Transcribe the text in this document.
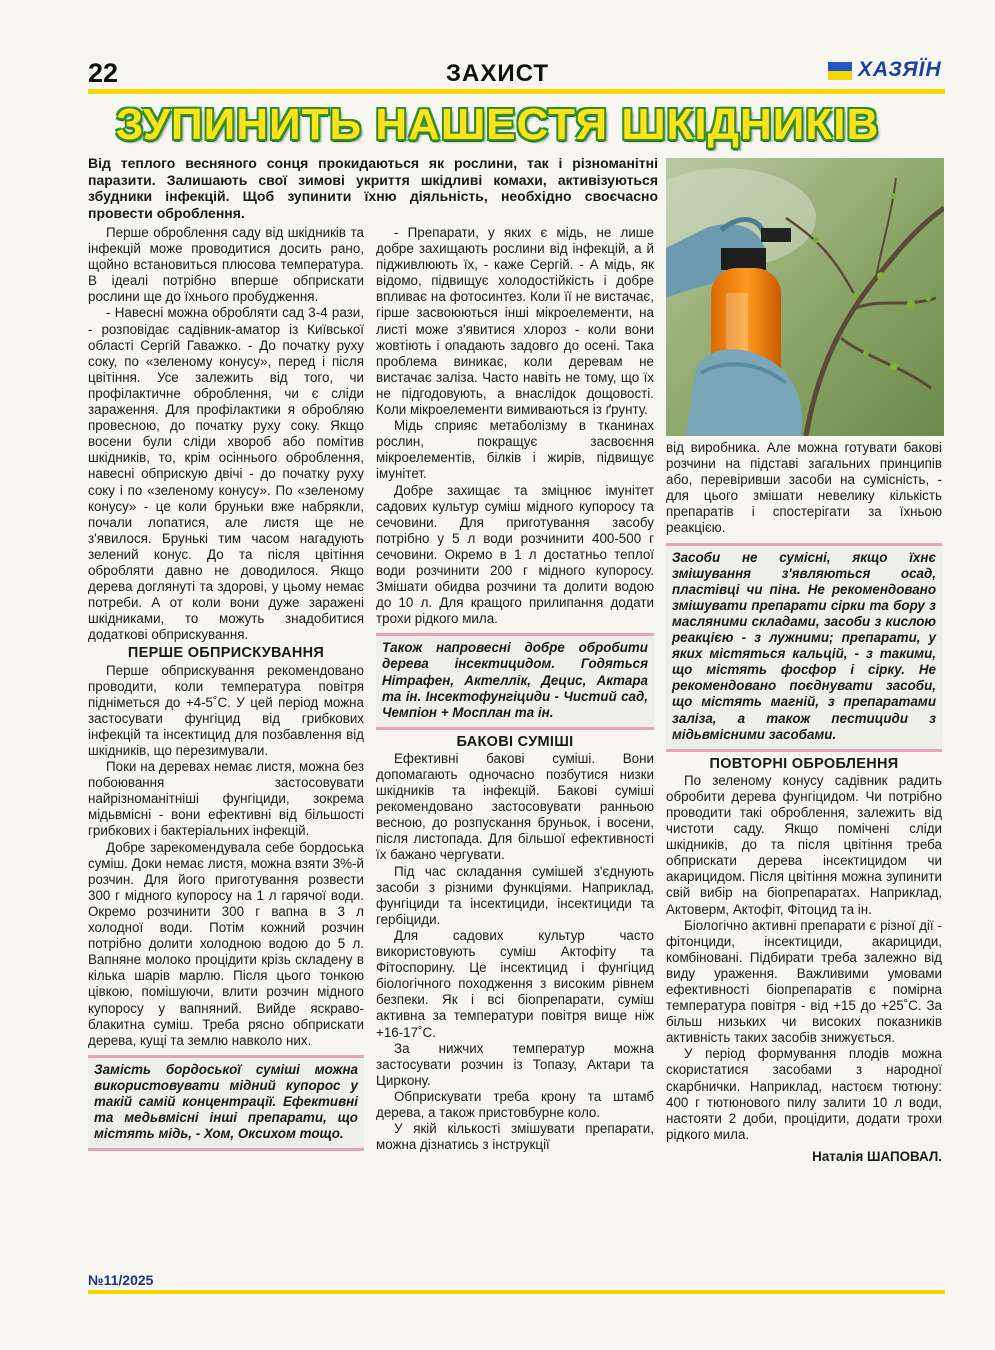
22	ЗАХИСТ	ХАЗЯЇН
ЗУПИНИТЬ НАШЕСТЯ ШКІДНИКІВ
Від теплого весняного сонця прокидаються як рослини, так і різноманітні паразити. Залишають свої зимові укриття шкідливі комахи, активізуються збудники інфекцій. Щоб зупинити їхню діяльність, необхідно своєчасно провести оброблення.

Перше оброблення саду від шкідників та інфекцій може проводитися досить рано, щойно встановиться плюсова температура. В ідеалі потрібно вперше обприскати рослини ще до їхнього пробудження.

- Навесні можна обробляти сад 3-4 рази, - розповідає садівник-аматор із Київської області Сергій Гаважко. - До початку руху соку, по «зеленому конусу», перед і після цвітіння. Усе залежить від того, чи профілактичне оброблення, чи є сліди зараження. Для профілактики я обробляю провесною, до початку руху соку. Якщо восени були сліди хвороб або помітив шкідників, то, крім осіннього оброблення, навесні обприскую двічі - до початку руху соку і по «зеленому конусу». По «зеленому конусу» - це коли бруньки вже набрякли, почали лопатися, але листя ще не з'явилося. Брунькі тим часом нагадують зелений конус. До та після цвітіння обробляти давно не доводилося. Якщо дерева доглянуті та здорові, у цьому немає потреби. А от коли вони дуже заражені шкідниками, то можуть знадобитися додаткові обприскування.

ПЕРШЕ ОБПРИСКУВАННЯ

Перше обприскування рекомендовано проводити, коли температура повітря підніметься до +4-5˚С. У цей період можна застосувати фунгіцид від грибкових інфекцій та інсектицид для позбавлення від шкідників, що перезимували.

Поки на деревах немає листя, можна без побоювання застосовувати найрізноманітніші фунгіциди, зокрема мідьвмісні - вони ефективні від більшості грибкових і бактеріальних інфекцій.

Добре зарекомендувала себе бордоська суміш. Доки немає листя, можна взяти 3%-й розчин. Для його приготування розвести 300 г мідного купоросу на 1 л гарячої води. Окремо розчинити 300 г вапна в 3 л холодної води. Потім кожний розчин потрібно долити холодною водою до 5 л. Вапняне молоко процідити крізь складену в кілька шарів марлю. Після цього тонкою цівкою, помішуючи, влити розчин мідного купоросу у вапняний. Вийде яскраво-блакитна суміш. Треба рясно обприскати дерева, кущі та землю навколо них.

Замість бордоської суміші можна використовувати мідний купорос у такій самій концентрації. Ефективні та медьвмісні інші препарати, що містять мідь, - Хом, Оксихом тощо.

- Препарати, у яких є мідь, не лише добре захищають рослини від інфекцій, а й підживлюють їх, - каже Сергій. - А мідь, як відомо, підвищує холодостійкість і добре впливає на фотосинтез. Коли її не вистачає, гірше засвоюються інші мікроелементи, на листі може з'явитися хлороз - коли вони жовтіють і опадають задовго до осені. Така проблема виникає, коли деревам не вистачає заліза. Часто навіть не тому, що їх не підгодовують, а внаслідок дощовості. Коли мікроелементи вимиваються із ґрунту.

Мідь сприяє метаболізму в тканинах рослин, покращує засвоєння мікроелементів, білків і жирів, підвищує імунітет.

Добре захищає та зміцнює імунітет садових культур суміш мідного купоросу та сечовини. Для приготування засобу потрібно у 5 л води розчинити 400-500 г сечовини. Окремо в 1 л достатньо теплої води розчинити 200 г мідного купоросу. Змішати обидва розчини та долити водою до 10 л. Для кращого прилипання додати трохи рідкого мила.

Також напровесні добре обробити дерева інсектицидом. Годяться Нітрафен, Актеллік, Децис, Актара та ін. Інсектофунгіциди - Чистий сад, Чемпіон + Мосплан та ін.
БАКОВІ СУМІШІ

Ефективні бакові суміші. Вони допомагають одночасно позбутися низки шкідників та інфекцій. Бакові суміші рекомендовано застосовувати ранньою весною, до розпускання бруньок, і восени, після листопада. Для більшої ефективності їх бажано чергувати.

Під час складання сумішей з'єднують засоби з різними функціями. Наприклад, фунгіциди та інсектициди, інсектициди та гербіциди.

Для садових культур часто використовують суміш Актофіту та Фітоспорину. Це інсектицид і фунгіцид біологічного походження з високим рівнем безпеки. Як і всі біопрепарати, суміш активна за температури повітря вище ніж +16-17˚С.

За нижчих температур можна застосувати розчин із Топазу, Актари та Циркону.

Обприскувати треба крону та штамб дерева, а також пристовбурне коло.

У якій кількості змішувати препарати, можна дізнатись з інструкції

від виробника. Але можна готувати бакові розчини на підставі загальних принципів або, перевіривши засоби на сумісність, - для цього змішати невелику кількість препаратів і спостерігати за їхньою реакцією.

Засоби не сумісні, якщо їхнє змішування з'являються осад, пластівці чи піна. Не рекомендовано змішувати препарати сірки та бору з масляними складами, засоби з кислою реакцією - з лужними; препарати, у яких містяться кальцій, - з такими, що містять фосфор і сірку. Не рекомендовано поєднувати засоби, що містять магній, з препаратами заліза, а також пестициди з мідьвмісними засобами.
ПОВТОРНІ ОБРОБЛЕННЯ

По зеленому конусу садівник радить обробити дерева фунгіцидом. Чи потрібно проводити такі оброблення, залежить від чистоти саду. Якщо помічені сліди шкідників, до та після цвітіння треба обприскати дерева інсектицидом чи акарицидом. Після цвітіння можна зупинити свій вибір на біопрепаратах. Наприклад, Актоверм, Актофіт, Фітоцид та ін.

Біологічно активні препарати є різної дії - фітонциди, інсектициди, акарициди, комбіновані. Підбирати треба залежно від виду ураження. Важливими умовами ефективності біопрепаратів є помірна температура повітря - від +15 до +25˚С. За більш низьких чи високих показників активність таких засобів знижується.

У період формування плодів можна скористатися засобами з народної скарбнички. Наприклад, настоєм тютюну: 400 г тютюнового пилу залити 10 л води, настояти 2 доби, процідити, додати трохи рідкого мила.

Наталія ШАПОВАЛ.
№11/2025
